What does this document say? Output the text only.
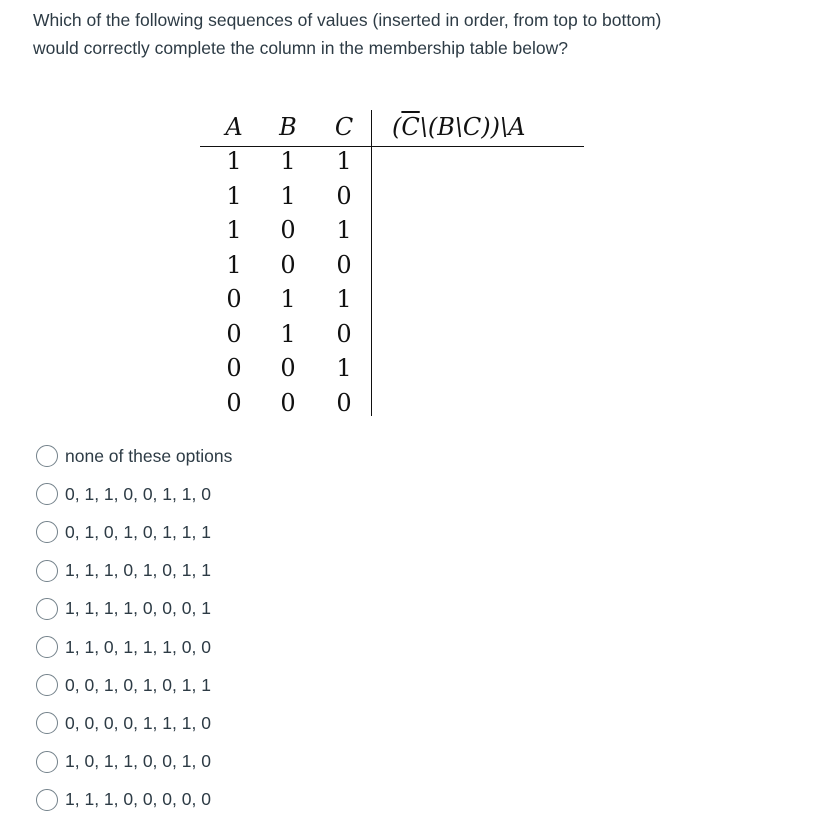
Which of the following sequences of values (inserted in order, from top to bottom)

would correctly complete the column in the membership table below?

A	B	C	$(\overline{C}\backslash(B\backslash C))\backslash A$
1	1	1
1	1	0
1	0	1
1	0	0
0	1	1
0	1	0
0	0	1
0	0	0
none of these options
0, 1, 1, 0, 0, 1, 1, 0
0, 1, 0, 1, 0, 1, 1, 1
1, 1, 1, 0, 1, 0, 1, 1
1, 1, 1, 1, 0, 0, 0, 1
1, 1, 0, 1, 1, 1, 0, 0
0, 0, 1, 0, 1, 0, 1, 1
0, 0, 0, 0, 1, 1, 1, 0
1, 0, 1, 1, 0, 0, 1, 0
1, 1, 1, 0, 0, 0, 0, 0
